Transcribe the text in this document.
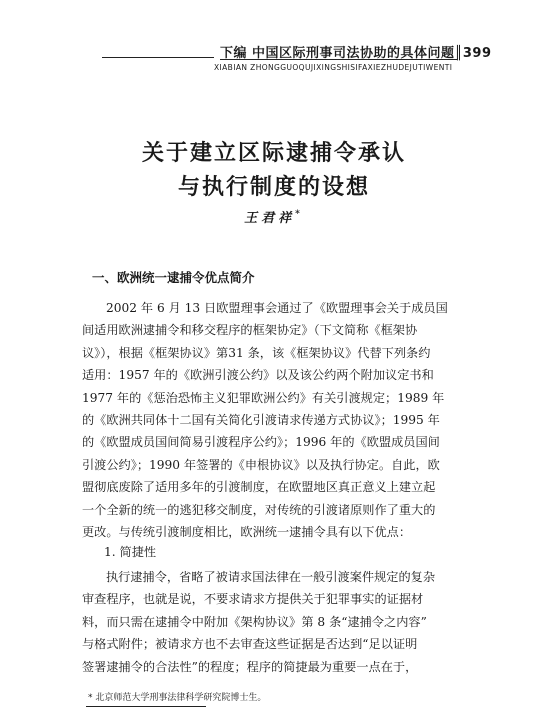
下编 中国区际刑事司法协助的具体问题║399
XIABIAN ZHONGGUOQUJIXINGSHISIFAXIEZHUDEJUTIWENTI
关于建立区际逮捕令承认
与执行制度的设想
王君祥*
一、欧洲统一逮捕令优点简介
2002 年 6 月 13 日欧盟理事会通过了《欧盟理事会关于成员国
间适用欧洲逮捕令和移交程序的框架协定》（下文简称《框架协
议》），根据《框架协议》第31 条，该《框架协议》代替下列条约
适用：1957 年的《欧洲引渡公约》以及该公约两个附加议定书和
1977 年的《惩治恐怖主义犯罪欧洲公约》有关引渡规定；1989 年
的《欧洲共同体十二国有关简化引渡请求传递方式协议》；1995 年
的《欧盟成员国间简易引渡程序公约》；1996 年的《欧盟成员国间
引渡公约》；1990 年签署的《申根协议》以及执行协定。自此，欧
盟彻底废除了适用多年的引渡制度，在欧盟地区真正意义上建立起
一个全新的统一的逃犯移交制度，对传统的引渡诸原则作了重大的
更改。与传统引渡制度相比，欧洲统一逮捕令具有以下优点：
1. 简捷性
执行逮捕令，省略了被请求国法律在一般引渡案件规定的复杂
审查程序，也就是说，不要求请求方提供关于犯罪事实的证据材
料，而只需在逮捕令中附加《架构协议》第 8 条“逮捕令之内容”
与格式附件；被请求方也不去审查这些证据是否达到“足以证明
签署逮捕令的合法性”的程度；程序的简捷最为重要一点在于，
* 北京师范大学刑事法律科学研究院博士生。
